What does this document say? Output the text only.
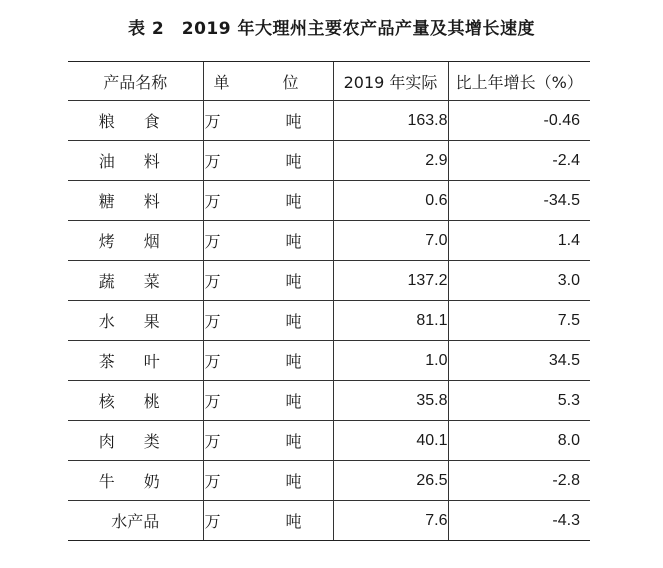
表 2　2019 年大理州主要农产品产量及其增长速度
产品名称	单 位	2019 年实际	比上年增长（%）
粮 食	万 吨	163.8	-0.46
油 料	万 吨	2.9	-2.4
糖 料	万 吨	0.6	-34.5
烤 烟	万 吨	7.0	1.4
蔬 菜	万 吨	137.2	3.0
水 果	万 吨	81.1	7.5
茶 叶	万 吨	1.0	34.5
核 桃	万 吨	35.8	5.3
肉 类	万 吨	40.1	8.0
牛 奶	万 吨	26.5	-2.8
水产品	万 吨	7.6	-4.3
